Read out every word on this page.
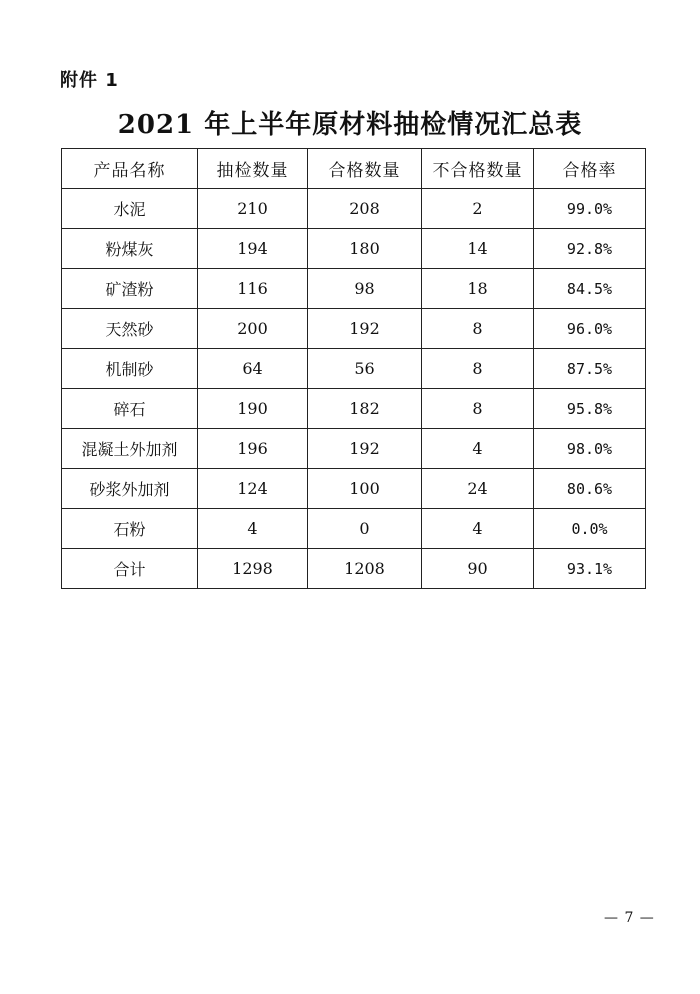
附件 1
2021 年上半年原材料抽检情况汇总表
产品名称	抽检数量	合格数量	不合格数量	合格率
水泥	210	208	2	99.0%
粉煤灰	194	180	14	92.8%
矿渣粉	116	98	18	84.5%
天然砂	200	192	8	96.0%
机制砂	64	56	8	87.5%
碎石	190	182	8	95.8%
混凝土外加剂	196	192	4	98.0%
砂浆外加剂	124	100	24	80.6%
石粉	4	0	4	0.0%
合计	1298	1208	90	93.1%
— 7 —
